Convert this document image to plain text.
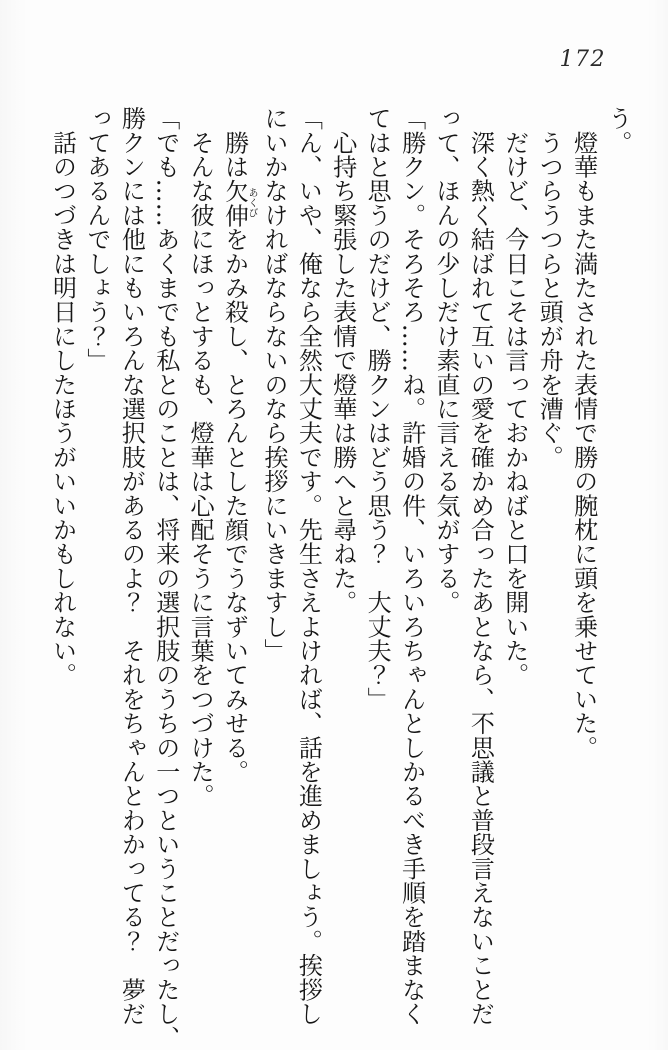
172
う。
　燈華もまた満たされた表情で勝の腕枕に頭を乗せていた。
　うつらうつらと頭が舟を漕ぐ。
　だけど、今日こそは言っておかねばと口を開いた。
　深く熱く結ばれて互いの愛を確かめ合ったあとなら、不思議と普段言えないことだ
って、ほんの少しだけ素直に言える気がする。
「勝クン。そろそろ……ね。許婚の件、いろいろちゃんとしかるべき手順を踏まなく
てはと思うのだけど、勝クンはどう思う？　大丈夫？」
　心持ち緊張した表情で燈華は勝へと尋ねた。
「ん、いや、俺なら全然大丈夫です。先生さえよければ、話を進めましょう。挨拶し
にいかなければならないのなら挨拶にいきますし」
　勝は欠伸あくびをかみ殺し、とろんとした顔でうなずいてみせる。
　そんな彼にほっとするも、燈華は心配そうに言葉をつづけた。
「でも……あくまでも私とのことは、将来の選択肢のうちの一つということだったし、
勝クンには他にもいろんな選択肢があるのよ？　それをちゃんとわかってる？　夢だ
ってあるんでしょう？」
　話のつづきは明日にしたほうがいいかもしれない。
